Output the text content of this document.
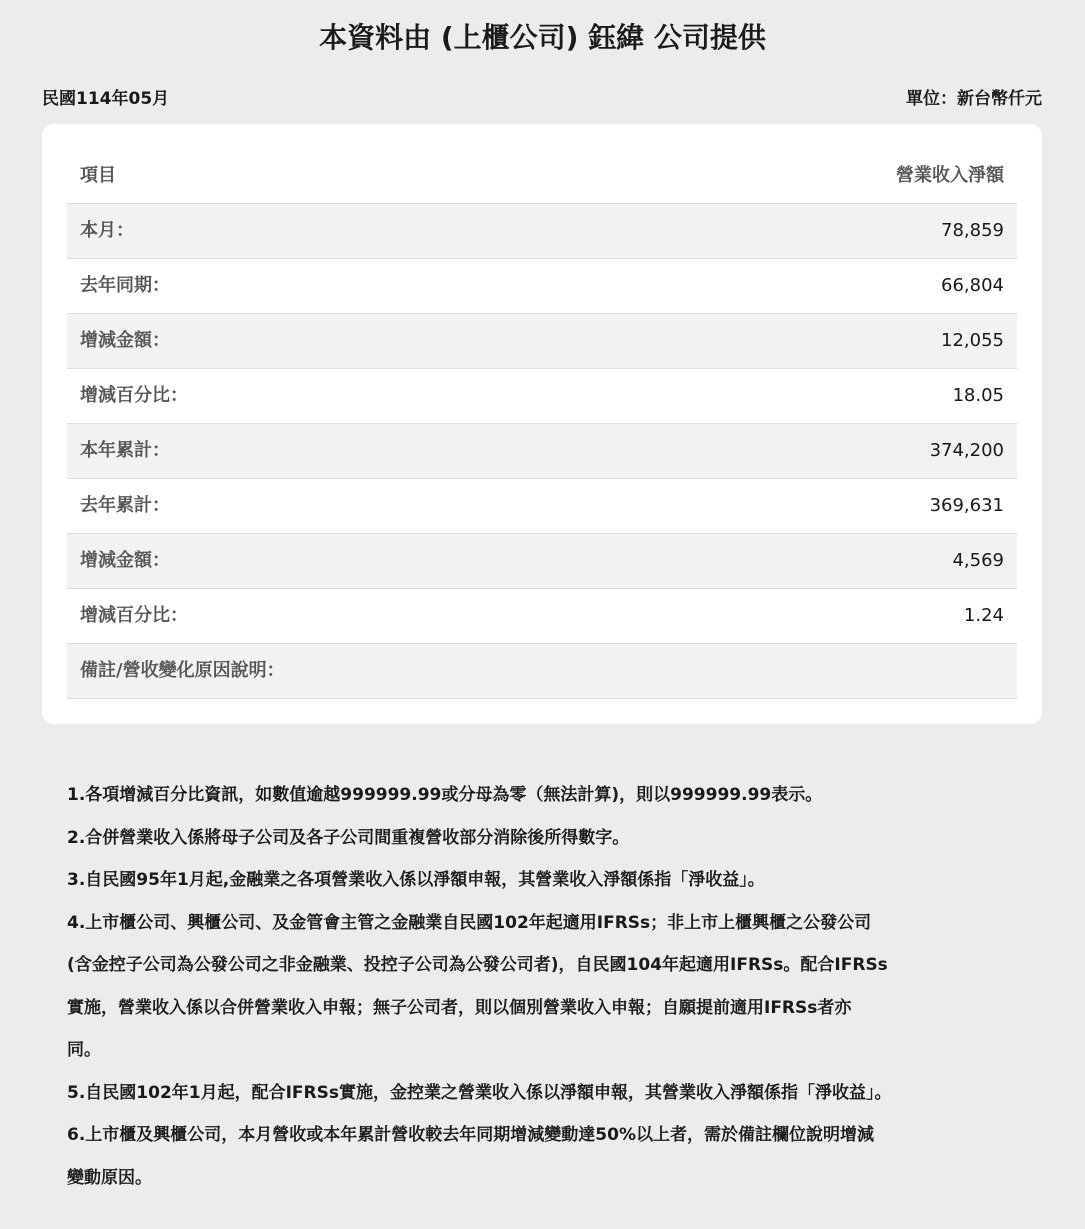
本資料由 (上櫃公司) 鈺緯 公司提供
民國114年05月	單位：新台幣仟元
項目	營業收入淨額
本月：	78,859
去年同期：	66,804
增減金額：	12,055
增減百分比：	18.05
本年累計：	374,200
去年累計：	369,631
增減金額：	4,569
增減百分比：	1.24
備註/營收變化原因說明：
1.各項增減百分比資訊，如數值逾越999999.99或分母為零（無法計算)，則以999999.99表示。
2.合併營業收入係將母子公司及各子公司間重複營收部分消除後所得數字。
3.自民國95年1月起,金融業之各項營業收入係以淨額申報，其營業收入淨額係指「淨收益」。
4.上市櫃公司、興櫃公司、及金管會主管之金融業自民國102年起適用IFRSs；非上市上櫃興櫃之公發公司
(含金控子公司為公發公司之非金融業、投控子公司為公發公司者)，自民國104年起適用IFRSs。配合IFRSs
實施，營業收入係以合併營業收入申報；無子公司者，則以個別營業收入申報；自願提前適用IFRSs者亦
同。
5.自民國102年1月起，配合IFRSs實施，金控業之營業收入係以淨額申報，其營業收入淨額係指「淨收益」。
6.上市櫃及興櫃公司，本月營收或本年累計營收較去年同期增減變動達50%以上者，需於備註欄位說明增減
變動原因。
